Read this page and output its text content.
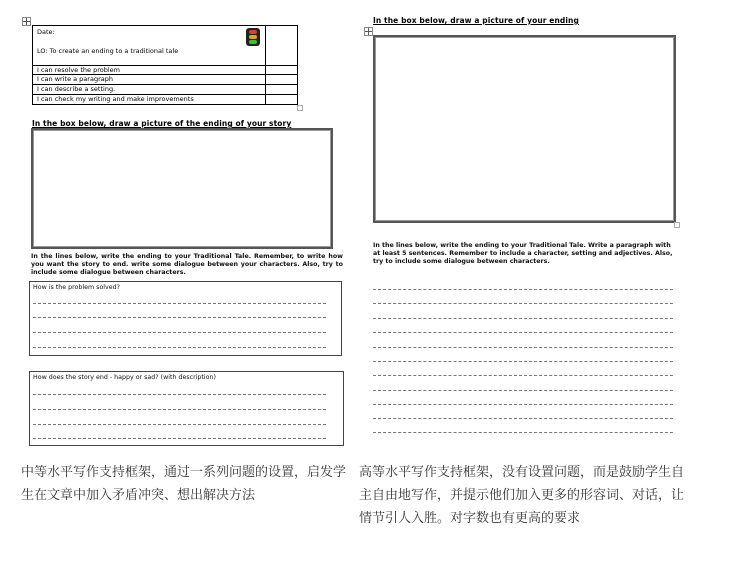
Date:
LO: To create an ending to a traditional tale
I can resolve the problem
I can write a paragraph
I can describe a setting.
I can check my writing and make improvements
In the box below, draw a picture of the ending of your story
In the lines below, write the ending to your Traditional Tale. Remember, to write how you want the story to end. write some dialogue between your characters. Also, try to include some dialogue between characters.
How is the problem solved?
How does the story end - happy or sad? (with description)
In the box below, draw a picture of your ending
In the lines below, write the ending to your Traditional Tale. Write a paragraph with at least 5 sentences. Remember to include a character, setting and adjectives. Also, try to include some dialogue between characters.
中等水平写作支持框架，通过一系列问题的设置，启发学生在文章中加入矛盾冲突、想出解决方法
高等水平写作支持框架，没有设置问题，而是鼓励学生自主自由地写作，并提示他们加入更多的形容词、对话，让情节引人入胜。对字数也有更高的要求
